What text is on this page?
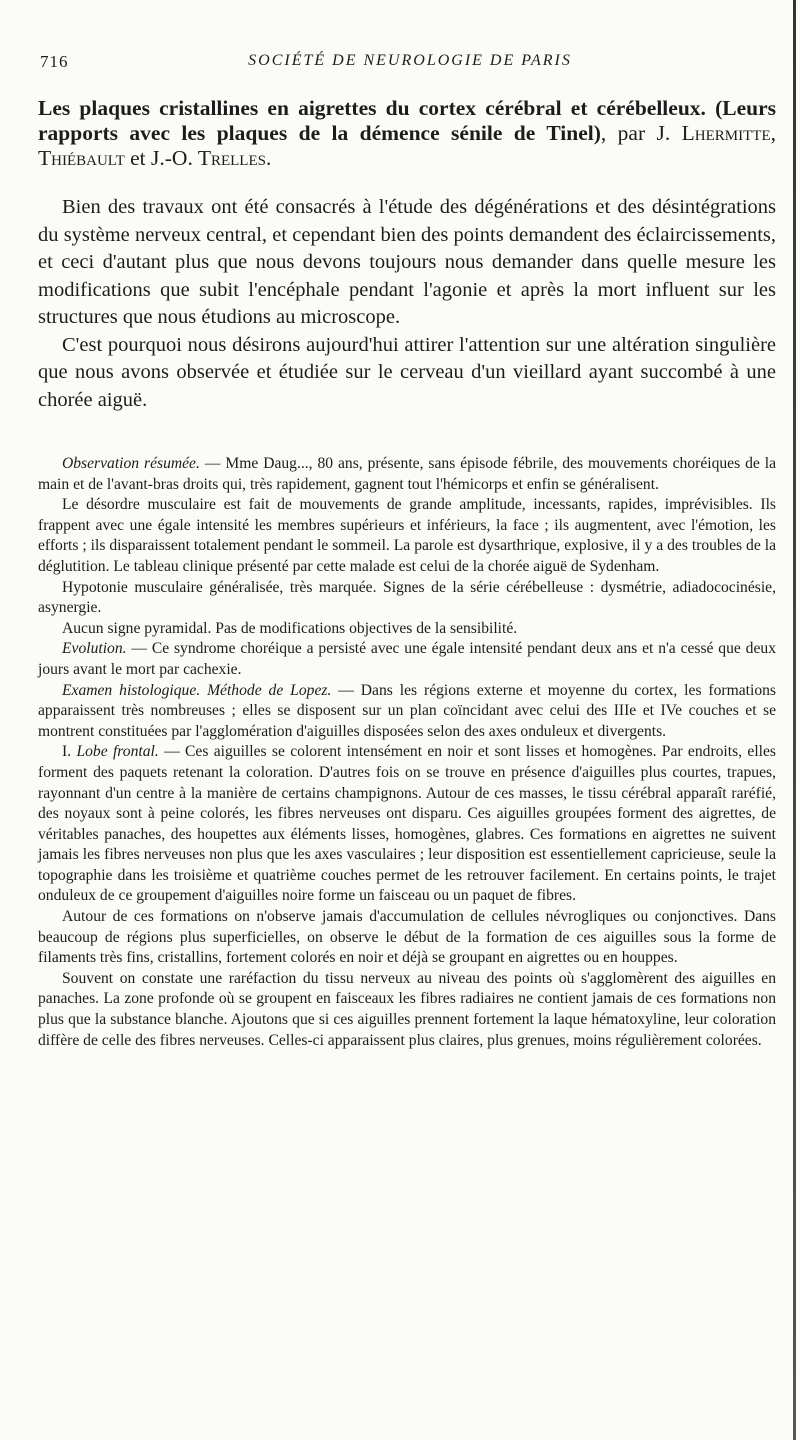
716	SOCIÉTÉ DE NEUROLOGIE DE PARIS
Les plaques cristallines en aigrettes du cortex cérébral et cérébelleux. (Leurs rapports avec les plaques de la démence sénile de Tinel), par J. Lhermitte, Thiébault et J.-O. Trelles.

Bien des travaux ont été consacrés à l'étude des dégénérations et des désintégrations du système nerveux central, et cependant bien des points demandent des éclaircissements, et ceci d'autant plus que nous devons toujours nous demander dans quelle mesure les modifications que subit l'encéphale pendant l'agonie et après la mort influent sur les structures que nous étudions au microscope.

C'est pourquoi nous désirons aujourd'hui attirer l'attention sur une altération singulière que nous avons observée et étudiée sur le cerveau d'un vieillard ayant succombé à une chorée aiguë.

Observation résumée. — Mme Daug..., 80 ans, présente, sans épisode fébrile, des mouvements choréiques de la main et de l'avant-bras droits qui, très rapidement, gagnent tout l'hémicorps et enfin se généralisent.

Le désordre musculaire est fait de mouvements de grande amplitude, incessants, rapides, imprévisibles. Ils frappent avec une égale intensité les membres supérieurs et inférieurs, la face ; ils augmentent, avec l'émotion, les efforts ; ils disparaissent totalement pendant le sommeil. La parole est dysarthrique, explosive, il y a des troubles de la déglutition. Le tableau clinique présenté par cette malade est celui de la chorée aiguë de Sydenham.

Hypotonie musculaire généralisée, très marquée. Signes de la série cérébelleuse : dysmétrie, adiadococinésie, asynergie.

Aucun signe pyramidal. Pas de modifications objectives de la sensibilité.

Evolution. — Ce syndrome choréique a persisté avec une égale intensité pendant deux ans et n'a cessé que deux jours avant le mort par cachexie.

Examen histologique. Méthode de Lopez. — Dans les régions externe et moyenne du cortex, les formations apparaissent très nombreuses ; elles se disposent sur un plan coïncidant avec celui des IIIe et IVe couches et se montrent constituées par l'agglomération d'aiguilles disposées selon des axes onduleux et divergents.

I. Lobe frontal. — Ces aiguilles se colorent intensément en noir et sont lisses et homogènes. Par endroits, elles forment des paquets retenant la coloration. D'autres fois on se trouve en présence d'aiguilles plus courtes, trapues, rayonnant d'un centre à la manière de certains champignons. Autour de ces masses, le tissu cérébral apparaît raréfié, des noyaux sont à peine colorés, les fibres nerveuses ont disparu. Ces aiguilles groupées forment des aigrettes, de véritables panaches, des houpettes aux éléments lisses, homogènes, glabres. Ces formations en aigrettes ne suivent jamais les fibres nerveuses non plus que les axes vasculaires ; leur disposition est essentiellement capricieuse, seule la topographie dans les troisième et quatrième couches permet de les retrouver facilement. En certains points, le trajet onduleux de ce groupement d'aiguilles noire forme un faisceau ou un paquet de fibres.

Autour de ces formations on n'observe jamais d'accumulation de cellules névrogliques ou conjonctives. Dans beaucoup de régions plus superficielles, on observe le début de la formation de ces aiguilles sous la forme de filaments très fins, cristallins, fortement colorés en noir et déjà se groupant en aigrettes ou en houppes.

Souvent on constate une raréfaction du tissu nerveux au niveau des points où s'agglomèrent des aiguilles en panaches. La zone profonde où se groupent en faisceaux les fibres radiaires ne contient jamais de ces formations non plus que la substance blanche. Ajoutons que si ces aiguilles prennent fortement la laque hématoxyline, leur coloration diffère de celle des fibres nerveuses. Celles-ci apparaissent plus claires, plus grenues, moins régulièrement colorées.
